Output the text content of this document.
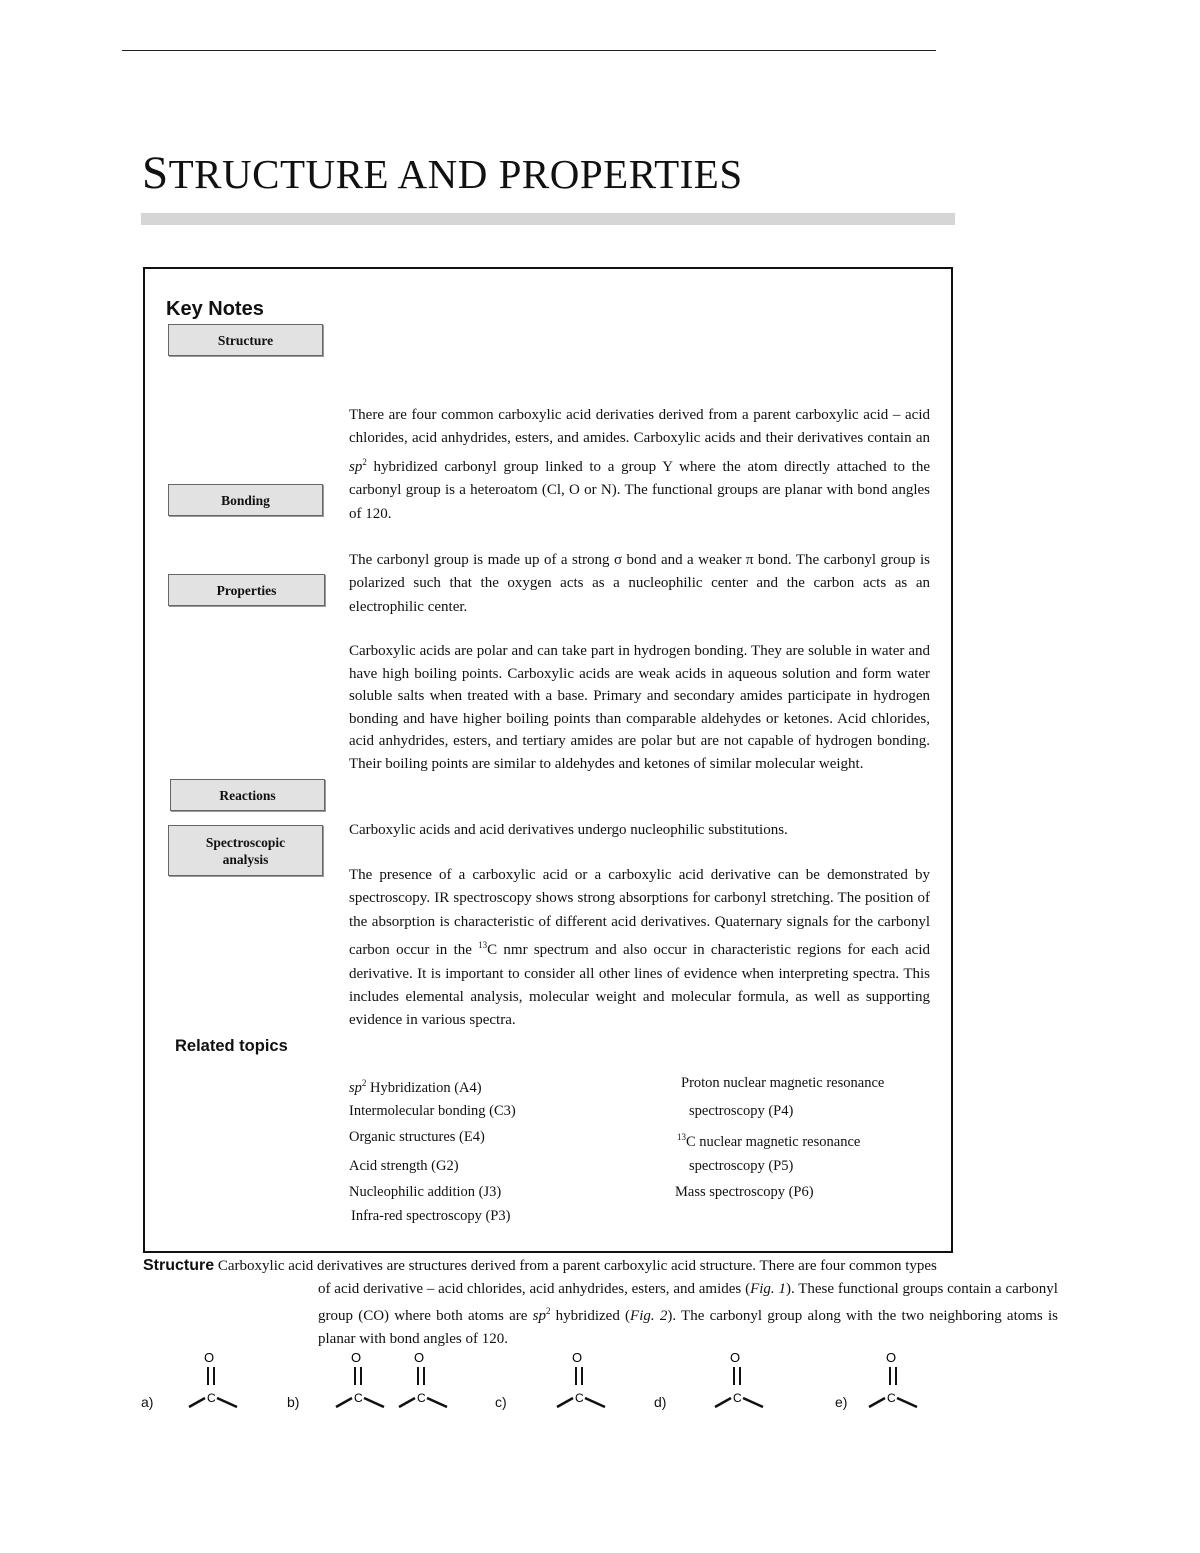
STRUCTURE AND PROPERTIES
Key Notes
Structure
Bonding
Properties
Reactions
Spectroscopic
analysis
There are four common carboxylic acid derivaties derived from a parent carboxylic acid – acid chlorides, acid anhydrides, esters, and amides. Carboxylic acids and their derivatives contain an $sp^2$ hybridized carbonyl group linked to a group Y where the atom directly attached to the carbonyl group is a heteroatom (Cl, O or N). The functional groups are planar with bond angles of 120.
The carbonyl group is made up of a strong σ bond and a weaker π bond. The carbonyl group is polarized such that the oxygen acts as a nucleophilic center and the carbon acts as an electrophilic center.
Carboxylic acids are polar and can take part in hydrogen bonding. They are soluble in water and have high boiling points. Carboxylic acids are weak acids in aqueous solution and form water soluble salts when treated with a base. Primary and secondary amides participate in hydrogen bonding and have higher boiling points than comparable aldehydes or ketones. Acid chlorides, acid anhydrides, esters, and tertiary amides are polar but are not capable of hydrogen bonding. Their boiling points are similar to aldehydes and ketones of similar molecular weight.
Carboxylic acids and acid derivatives undergo nucleophilic substitutions.
The presence of a carboxylic acid or a carboxylic acid derivative can be demonstrated by spectroscopy. IR spectroscopy shows strong absorptions for carbonyl stretching. The position of the absorption is characteristic of different acid derivatives. Quaternary signals for the carbonyl carbon occur in the $^{13}$C nmr spectrum and also occur in characteristic regions for each acid derivative. It is important to consider all other lines of evidence when interpreting spectra. This includes elemental analysis, molecular weight and molecular formula, as well as supporting evidence in various spectra.
Related topics
$sp^2$ Hybridization (A4)
Intermolecular bonding (C3)
Organic structures (E4)
Acid strength (G2)
Nucleophilic addition (J3)
Infra-red spectroscopy (P3)
Proton nuclear magnetic resonance
spectroscopy (P4)
$^{13}$C nuclear magnetic resonance
spectroscopy (P5)
Mass spectroscopy (P6)
Structure Carboxylic acid derivatives are structures derived from a parent carboxylic acid structure. There are four common types
of acid derivative – acid chlorides, acid anhydrides, esters, and amides (Fig. 1). These functional groups contain a carbonyl group (CO) where both atoms are $sp^2$ hybridized (Fig. 2). The carbonyl group along with the two neighboring atoms is planar with bond angles of 120.
a)	b)	c)	d)	e)
O
C
O
C
O
C
O
C
O
C
O
C
